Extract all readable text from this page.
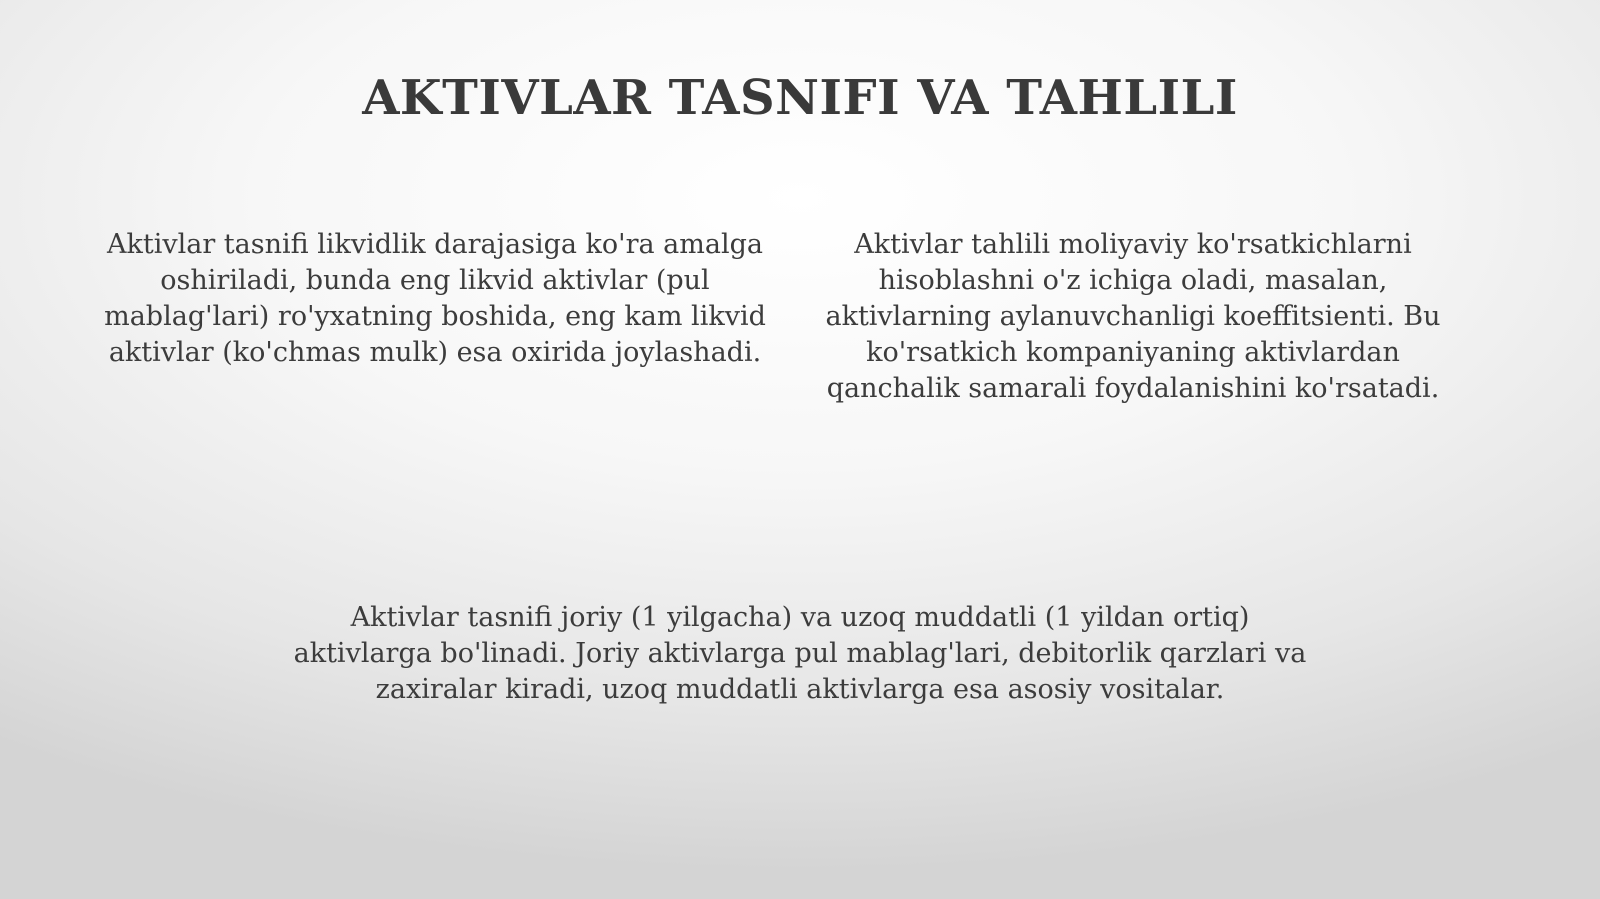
AKTIVLAR TASNIFI VA TAHLILI

Aktivlar tasnifi likvidlik darajasiga ko'ra amalga oshiriladi, bunda eng likvid aktivlar (pul mablag'lari) ro'yxatning boshida, eng kam likvid aktivlar (ko'chmas mulk) esa oxirida joylashadi.

Aktivlar tahlili moliyaviy ko'rsatkichlarni hisoblashni o'z ichiga oladi, masalan, aktivlarning aylanuvchanligi koeffitsienti. Bu ko'rsatkich kompaniyaning aktivlardan qanchalik samarali foydalanishini ko'rsatadi.

Aktivlar tasnifi joriy (1 yilgacha) va uzoq muddatli (1 yildan ortiq) aktivlarga bo'linadi. Joriy aktivlarga pul mablag'lari, debitorlik qarzlari va zaxiralar kiradi, uzoq muddatli aktivlarga esa asosiy vositalar.
